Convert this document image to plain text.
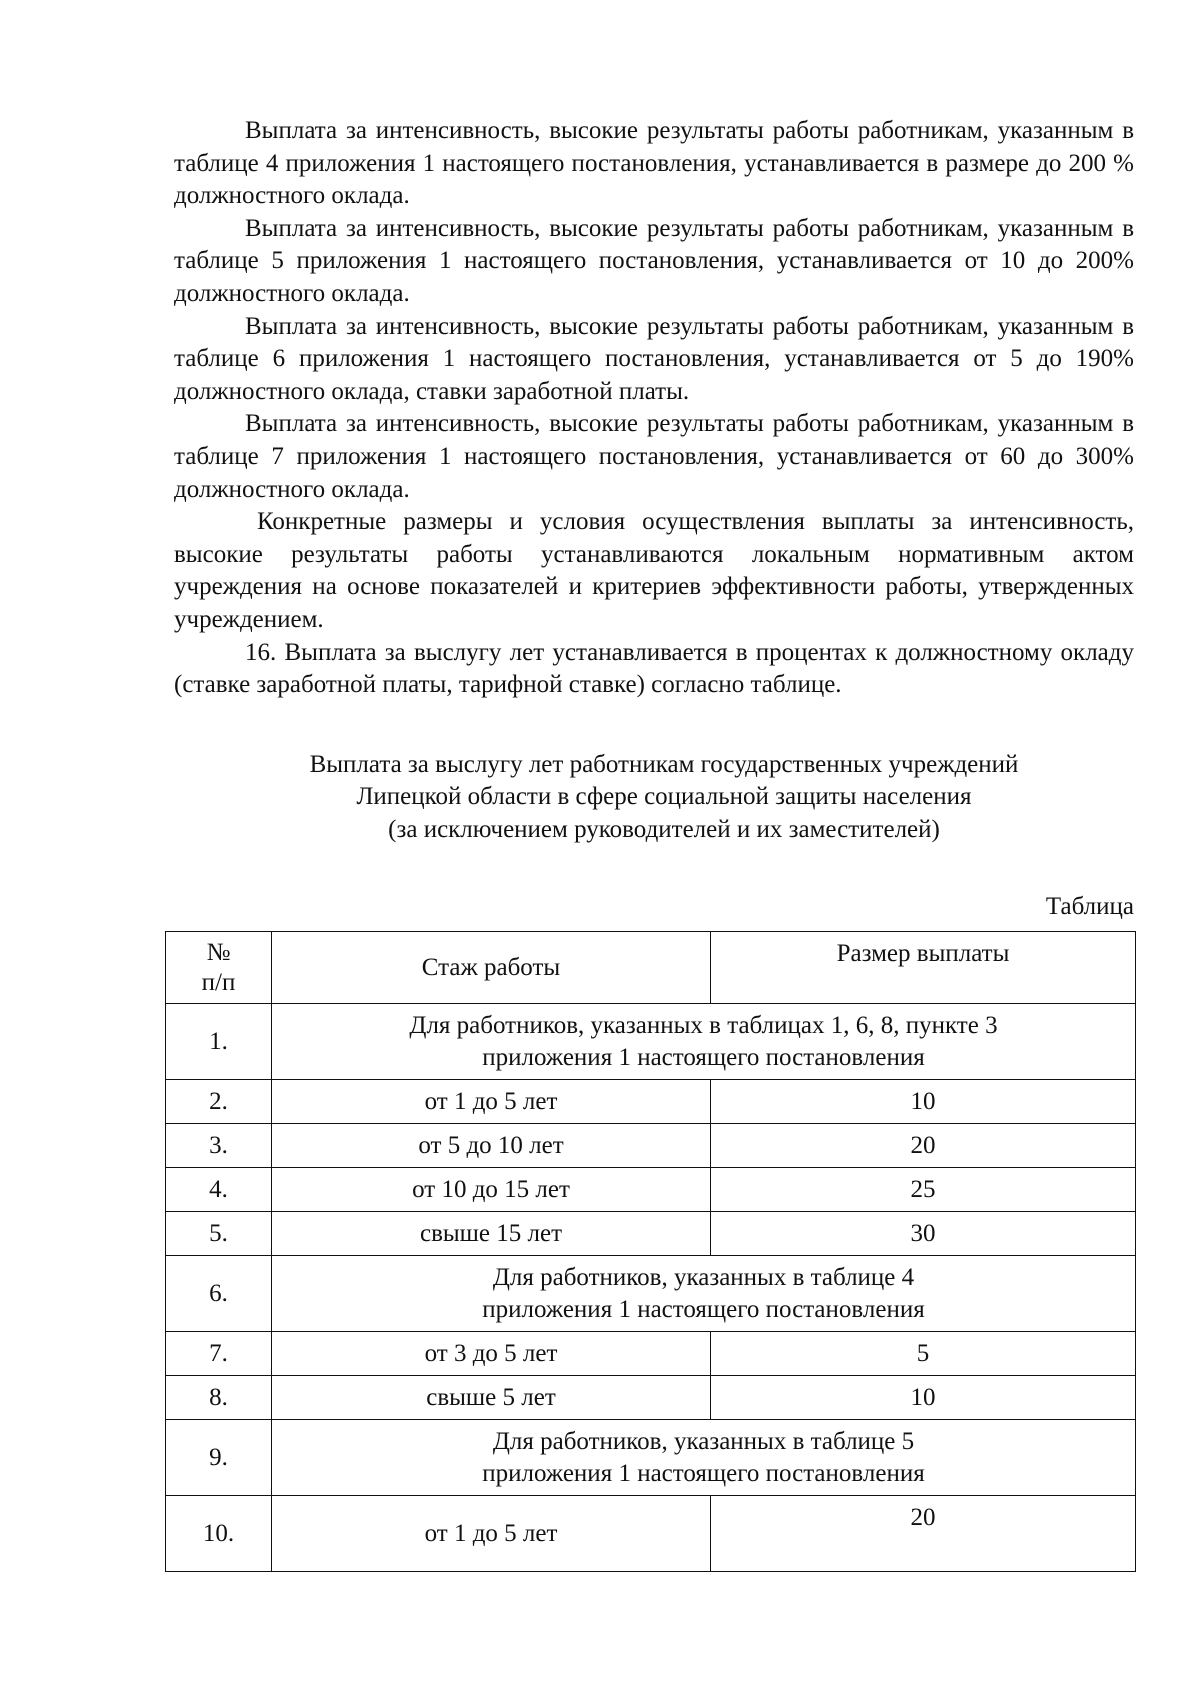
Выплата за интенсивность, высокие результаты работы работникам, указанным в таблице 4 приложения 1 настоящего постановления, устанавливается в размере до 200 % должностного оклада.

Выплата за интенсивность, высокие результаты работы работникам, указанным в таблице 5 приложения 1 настоящего постановления, устанавливается от 10 до 200% должностного оклада.

Выплата за интенсивность, высокие результаты работы работникам, указанным в таблице 6 приложения 1 настоящего постановления, устанавливается от 5 до 190% должностного оклада, ставки заработной платы.

Выплата за интенсивность, высокие результаты работы работникам, указанным в таблице 7 приложения 1 настоящего постановления, устанавливается от 60 до 300% должностного оклада.

Конкретные размеры и условия осуществления выплаты за интенсивность, высокие результаты работы устанавливаются локальным нормативным актом учреждения на основе показателей и критериев эффективности работы, утвержденных учреждением.

16. Выплата за выслугу лет устанавливается в процентах к должностному окладу (ставке заработной платы, тарифной ставке) согласно таблице.

Выплата за выслугу лет работникам государственных учреждений
Липецкой области в сфере социальной защиты населения
(за исключением руководителей и их заместителей)
Таблица
№
п/п	Стаж работы	Размер выплаты
1.	Для работников, указанных в таблицах 1, 6, 8, пункте 3
приложения 1 настоящего постановления	

2.	от 1 до 5 лет	10
3.	от 5 до 10 лет	20
4.	от 10 до 15 лет	25
5.	свыше 15 лет	30
6.	Для работников, указанных в таблице 4
приложения 1 настоящего постановления	

7.	от 3 до 5 лет	5
8.	свыше 5 лет	10
9.	Для работников, указанных в таблице 5
приложения 1 настоящего постановления	

10.	от 1 до 5 лет	20
